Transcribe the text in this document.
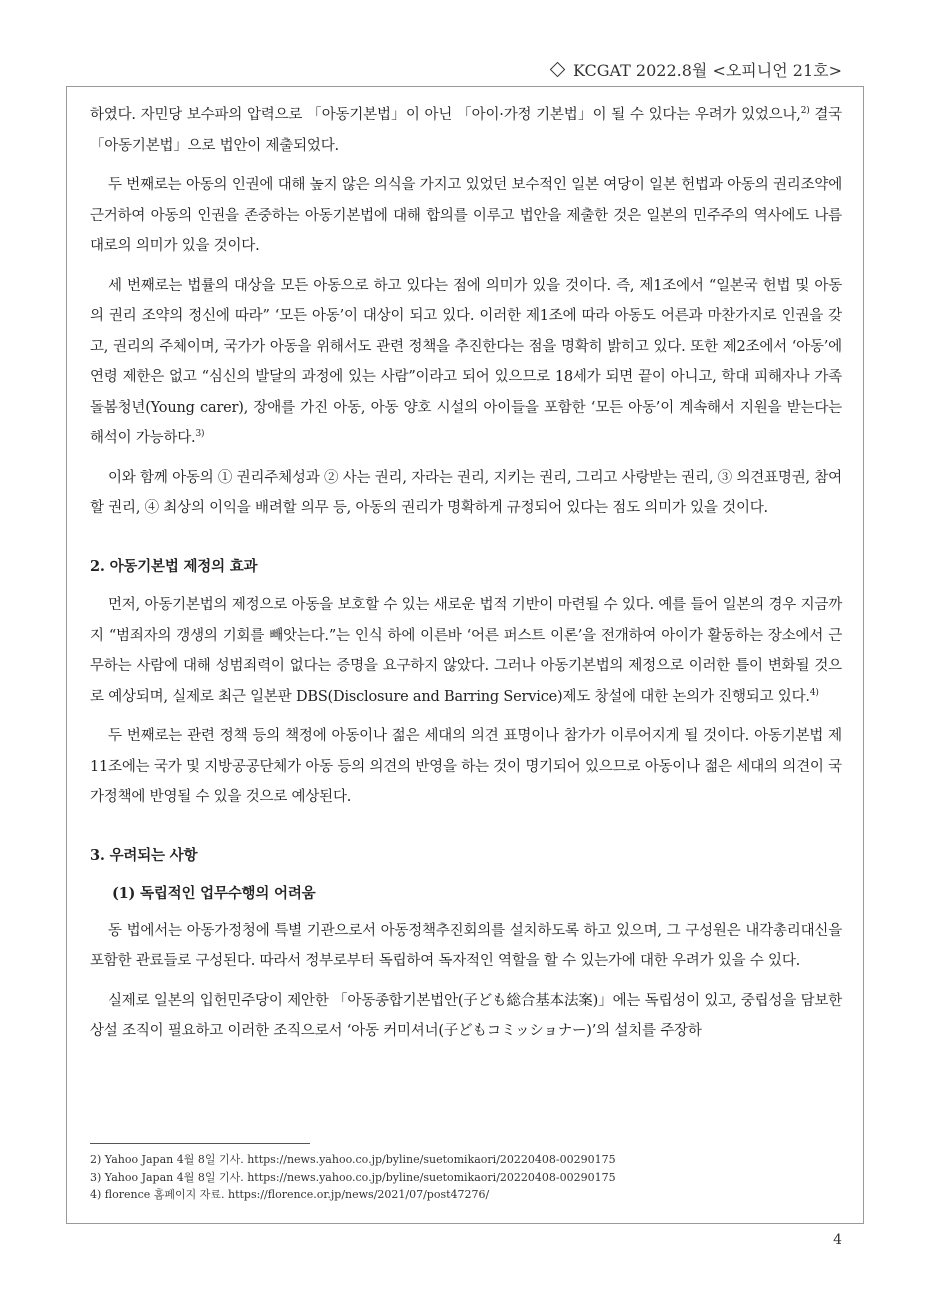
KCGAT 2022.8월 <오피니언 21호>

하였다. 자민당 보수파의 압력으로 「아동기본법」이 아닌 「아이·가정 기본법」이 될 수 있다는 우려가 있었으나,$^{2)}$ 결국 「아동기본법」으로 법안이 제출되었다.

두 번째로는 아동의 인권에 대해 높지 않은 의식을 가지고 있었던 보수적인 일본 여당이 일본 헌법과 아동의 권리조약에 근거하여 아동의 인권을 존중하는 아동기본법에 대해 합의를 이루고 법안을 제출한 것은 일본의 민주주의 역사에도 나름대로의 의미가 있을 것이다.

세 번째로는 법률의 대상을 모든 아동으로 하고 있다는 점에 의미가 있을 것이다. 즉, 제1조에서 “일본국 헌법 및 아동의 권리 조약의 정신에 따라” ‘모든 아동’이 대상이 되고 있다. 이러한 제1조에 따라 아동도 어른과 마찬가지로 인권을 갖고, 권리의 주체이며, 국가가 아동을 위해서도 관련 정책을 추진한다는 점을 명확히 밝히고 있다. 또한 제2조에서 ‘아동’에 연령 제한은 없고 “심신의 발달의 과정에 있는 사람”이라고 되어 있으므로 18세가 되면 끝이 아니고, 학대 피해자나 가족돌봄청년(Young carer), 장애를 가진 아동, 아동 양호 시설의 아이들을 포함한 ‘모든 아동’이 계속해서 지원을 받는다는 해석이 가능하다.$^{3)}$

이와 함께 아동의 ① 권리주체성과 ② 사는 권리, 자라는 권리, 지키는 권리, 그리고 사랑받는 권리, ③ 의견표명권, 참여할 권리, ④ 최상의 이익을 배려할 의무 등, 아동의 권리가 명확하게 규정되어 있다는 점도 의미가 있을 것이다.

2. 아동기본법 제정의 효과

먼저, 아동기본법의 제정으로 아동을 보호할 수 있는 새로운 법적 기반이 마련될 수 있다. 예를 들어 일본의 경우 지금까지 “범죄자의 갱생의 기회를 빼앗는다.”는 인식 하에 이른바 ‘어른 퍼스트 이론’을 전개하여 아이가 활동하는 장소에서 근무하는 사람에 대해 성범죄력이 없다는 증명을 요구하지 않았다. 그러나 아동기본법의 제정으로 이러한 틀이 변화될 것으로 예상되며, 실제로 최근 일본판 DBS(Disclosure and Barring Service)제도 창설에 대한 논의가 진행되고 있다.$^{4)}$

두 번째로는 관련 정책 등의 책정에 아동이나 젊은 세대의 의견 표명이나 참가가 이루어지게 될 것이다. 아동기본법 제11조에는 국가 및 지방공공단체가 아동 등의 의견의 반영을 하는 것이 명기되어 있으므로 아동이나 젊은 세대의 의견이 국가정책에 반영될 수 있을 것으로 예상된다.

3. 우려되는 사항
(1) 독립적인 업무수행의 어려움

동 법에서는 아동가정청에 특별 기관으로서 아동정책추진회의를 설치하도록 하고 있으며, 그 구성원은 내각총리대신을 포함한 관료들로 구성된다. 따라서 정부로부터 독립하여 독자적인 역할을 할 수 있는가에 대한 우려가 있을 수 있다.

실제로 일본의 입헌민주당이 제안한 「아동종합기본법안(子ども総合基本法案)」에는 독립성이 있고, 중립성을 담보한 상설 조직이 필요하고 이러한 조직으로서 ‘아동 커미셔너(子どもコミッショナー)’의 설치를 주장하

2) Yahoo Japan 4월 8일 기사. https://news.yahoo.co.jp/byline/suetomikaori/20220408-00290175
3) Yahoo Japan 4월 8일 기사. https://news.yahoo.co.jp/byline/suetomikaori/20220408-00290175
4) florence 홈페이지 자료. https://florence.or.jp/news/2021/07/post47276/
4
